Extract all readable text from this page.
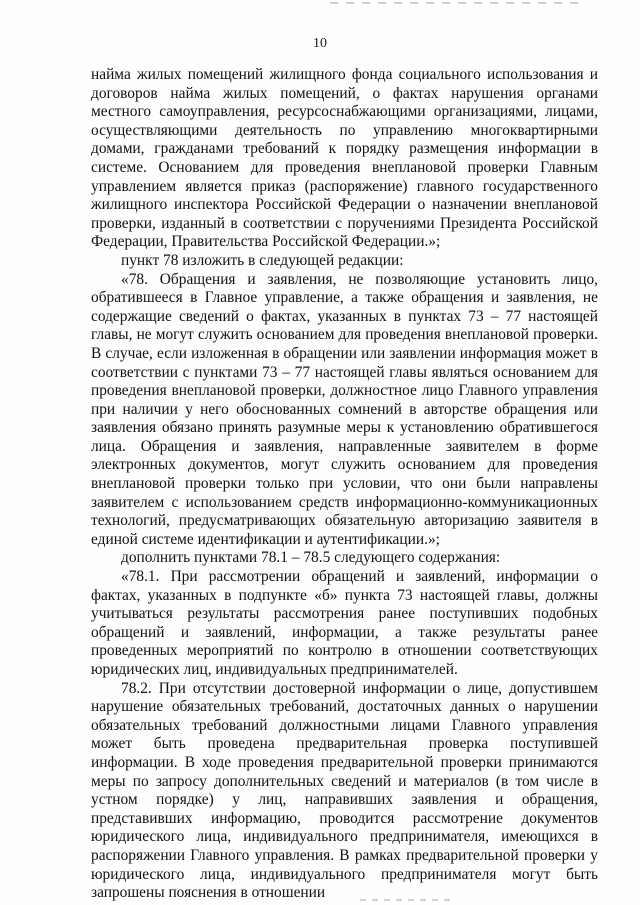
10

найма жилых помещений жилищного фонда социального использования и договоров найма жилых помещений, о фактах нарушения органами местного самоуправления, ресурсоснабжающими организациями, лицами, осуществляющими деятельность по управлению многоквартирными домами, гражданами требований к порядку размещения информации в системе. Основанием для проведения внеплановой проверки Главным управлением является приказ (распоряжение) главного государственного жилищного инспектора Российской Федерации о назначении внеплановой проверки, изданный в соответствии с поручениями Президента Российской Федерации, Правительства Российской Федерации.»;

пункт 78 изложить в следующей редакции:

«78. Обращения и заявления, не позволяющие установить лицо, обратившееся в Главное управление, а также обращения и заявления, не содержащие сведений о фактах, указанных в пунктах 73 – 77 настоящей главы, не могут служить основанием для проведения внеплановой проверки. В случае, если изложенная в обращении или заявлении информация может в соответствии с пунктами 73 – 77 настоящей главы являться основанием для проведения внеплановой проверки, должностное лицо Главного управления при наличии у него обоснованных сомнений в авторстве обращения или заявления обязано принять разумные меры к установлению обратившегося лица. Обращения и заявления, направленные заявителем в форме электронных документов, могут служить основанием для проведения внеплановой проверки только при условии, что они были направлены заявителем с использованием средств информационно-коммуникационных технологий, предусматривающих обязательную авторизацию заявителя в единой системе идентификации и аутентификации.»;

дополнить пунктами 78.1 – 78.5 следующего содержания:

«78.1. При рассмотрении обращений и заявлений, информации о фактах, указанных в подпункте «б» пункта 73 настоящей главы, должны учитываться результаты рассмотрения ранее поступивших подобных обращений и заявлений, информации, а также результаты ранее проведенных мероприятий по контролю в отношении соответствующих юридических лиц, индивидуальных предпринимателей.

78.2. При отсутствии достоверной информации о лице, допустившем нарушение обязательных требований, достаточных данных о нарушении обязательных требований должностными лицами Главного управления может быть проведена предварительная проверка поступившей информации. В ходе проведения предварительной проверки принимаются меры по запросу дополнительных сведений и материалов (в том числе в устном порядке) у лиц, направивших заявления и обращения, представивших информацию, проводится рассмотрение документов юридического лица, индивидуального предпринимателя, имеющихся в распоряжении Главного управления. В рамках предварительной проверки у юридического лица, индивидуального предпринимателя могут быть запрошены пояснения в отношении
